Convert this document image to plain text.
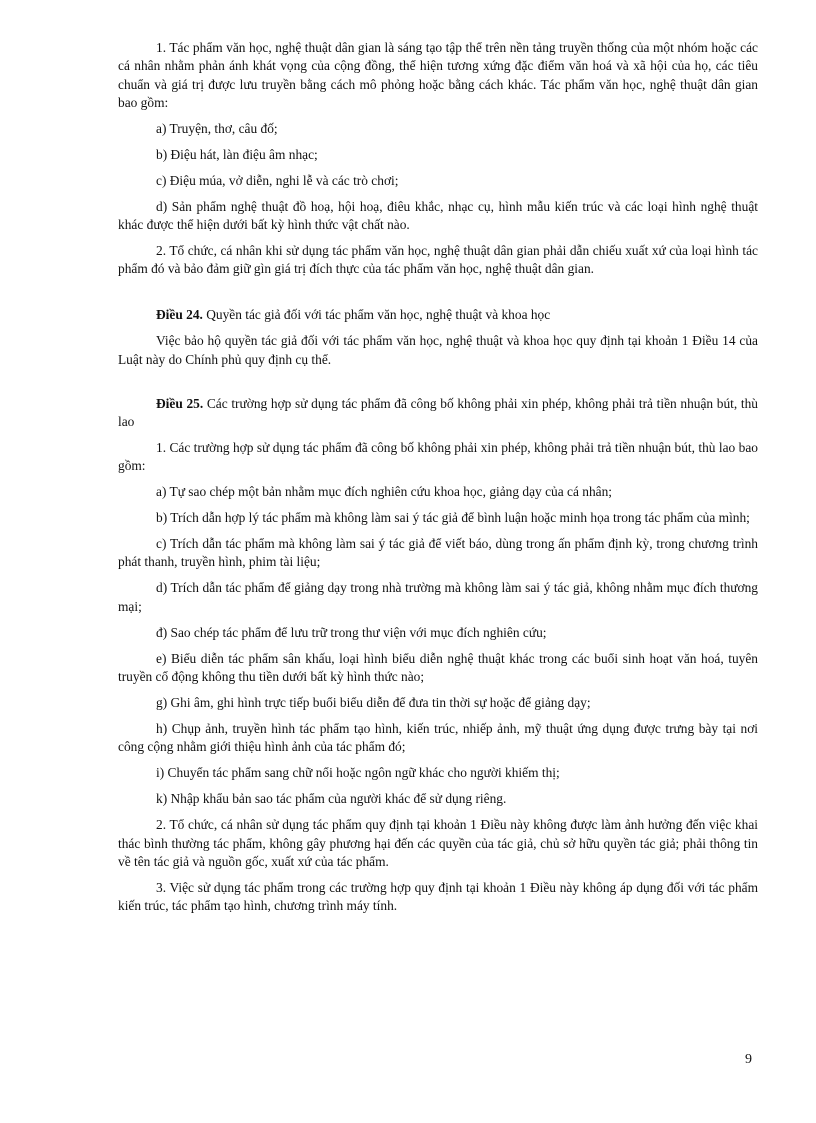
1. Tác phẩm văn học, nghệ thuật dân gian là sáng tạo tập thể trên nền tảng truyền thống của một nhóm hoặc các cá nhân nhằm phản ánh khát vọng của cộng đồng, thể hiện tương xứng đặc điểm văn hoá và xã hội của họ, các tiêu chuẩn và giá trị được lưu truyền bằng cách mô phỏng hoặc bằng cách khác. Tác phẩm văn học, nghệ thuật dân gian bao gồm:

a) Truyện, thơ, câu đố;

b) Điệu hát, làn điệu âm nhạc;

c) Điệu múa, vở diễn, nghi lễ và các trò chơi;

d) Sản phẩm nghệ thuật đồ hoạ, hội hoạ, điêu khắc, nhạc cụ, hình mẫu kiến trúc và các loại hình nghệ thuật khác được thể hiện dưới bất kỳ hình thức vật chất nào.

2. Tổ chức, cá nhân khi sử dụng tác phẩm văn học, nghệ thuật dân gian phải dẫn chiếu xuất xứ của loại hình tác phẩm đó và bảo đảm giữ gìn giá trị đích thực của tác phẩm văn học, nghệ thuật dân gian.

Điều 24. Quyền tác giả đối với tác phẩm văn học, nghệ thuật và khoa học

Việc bảo hộ quyền tác giả đối với tác phẩm văn học, nghệ thuật và khoa học quy định tại khoản 1 Điều 14 của Luật này do Chính phủ quy định cụ thể.

Điều 25. Các trường hợp sử dụng tác phẩm đã công bố không phải xin phép, không phải trả tiền nhuận bút, thù lao

1. Các trường hợp sử dụng tác phẩm đã công bố không phải xin phép, không phải trả tiền nhuận bút, thù lao bao gồm:

a) Tự sao chép một bản nhằm mục đích nghiên cứu khoa học, giảng dạy của cá nhân;

b) Trích dẫn hợp lý tác phẩm mà không làm sai ý tác giả để bình luận hoặc minh họa trong tác phẩm của mình;

c) Trích dẫn tác phẩm mà không làm sai ý tác giả để viết báo, dùng trong ấn phẩm định kỳ, trong chương trình phát thanh, truyền hình, phim tài liệu;

d) Trích dẫn tác phẩm để giảng dạy trong nhà trường mà không làm sai ý tác giả, không nhằm mục đích thương mại;

đ) Sao chép tác phẩm để lưu trữ trong thư viện với mục đích nghiên cứu;

e) Biểu diễn tác phẩm sân khấu, loại hình biểu diễn nghệ thuật khác trong các buổi sinh hoạt văn hoá, tuyên truyền cổ động không thu tiền dưới bất kỳ hình thức nào;

g) Ghi âm, ghi hình trực tiếp buổi biểu diễn để đưa tin thời sự hoặc để giảng dạy;

h) Chụp ảnh, truyền hình tác phẩm tạo hình, kiến trúc, nhiếp ảnh, mỹ thuật ứng dụng được trưng bày tại nơi công cộng nhằm giới thiệu hình ảnh của tác phẩm đó;

i) Chuyển tác phẩm sang chữ nổi hoặc ngôn ngữ khác cho người khiếm thị;

k) Nhập khẩu bản sao tác phẩm của người khác để sử dụng riêng.

2. Tổ chức, cá nhân sử dụng tác phẩm quy định tại khoản 1 Điều này không được làm ảnh hưởng đến việc khai thác bình thường tác phẩm, không gây phương hại đến các quyền của tác giả, chủ sở hữu quyền tác giả; phải thông tin về tên tác giả và nguồn gốc, xuất xứ của tác phẩm.

3. Việc sử dụng tác phẩm trong các trường hợp quy định tại khoản 1 Điều này không áp dụng đối với tác phẩm kiến trúc, tác phẩm tạo hình, chương trình máy tính.

9
